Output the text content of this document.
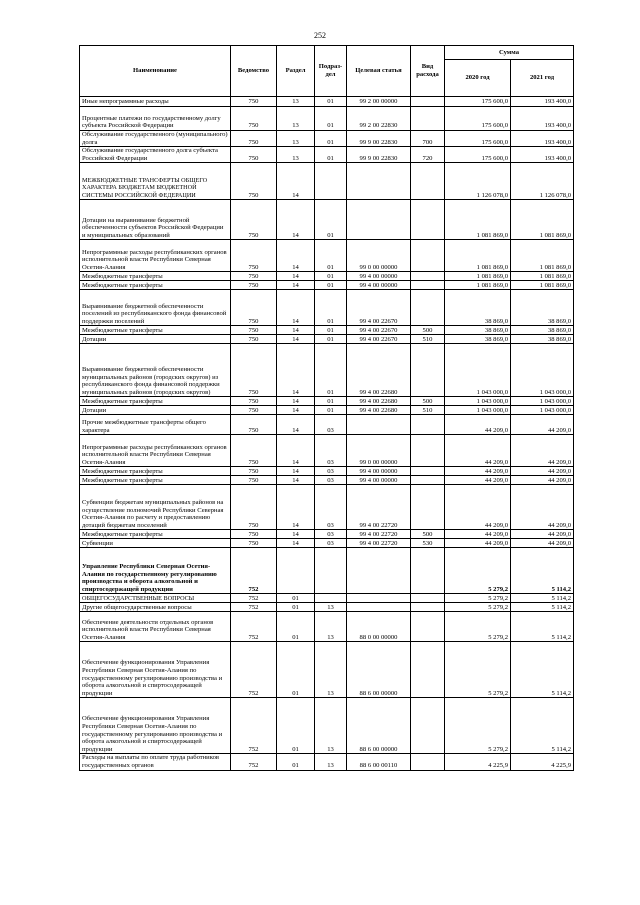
252
Наименование	Ведомство	Раздел	Подраз-дел	Целевая статья	Вид расхода	Сумма	
						2020 год	2021 год
Иные непрограммные расходы	750	13	01	99 2 00 00000		175 600,0	193 400,0
Процентные платежи по государственному долгу субъекта Российской Федерации	750	13	01	99 2 00 22830		175 600,0	193 400,0
Обслуживание государственного (муниципального) долга	750	13	01	99 9 00 22830	700	175 600,0	193 400,0
Обслуживание государственного долга субъекта Российской Федерации	750	13	01	99 9 00 22830	720	175 600,0	193 400,0
МЕЖБЮДЖЕТНЫЕ ТРАНСФЕРТЫ ОБЩЕГО ХАРАКТЕРА БЮДЖЕТАМ БЮДЖЕТНОЙ СИСТЕМЫ РОССИЙСКОЙ ФЕДЕРАЦИИ	750	14				1 126 078,0	1 126 078,0
Дотации на выравнивание бюджетной обеспеченности субъектов Российской Федерации и муниципальных образований	750	14	01			1 081 869,0	1 081 869,0
Непрограммные расходы республиканских органов исполнительной власти Республики Северная Осетия-Алания	750	14	01	99 0 00 00000		1 081 869,0	1 081 869,0
Межбюджетные трансферты	750	14	01	99 4 00 00000		1 081 869,0	1 081 869,0
Межбюджетные трансферты	750	14	01	99 4 00 00000		1 081 869,0	1 081 869,0
Выравнивание бюджетной обеспеченности поселений из республиканского фонда финансовой поддержки поселений	750	14	01	99 4 00 22670		38 869,0	38 869,0
Межбюджетные трансферты	750	14	01	99 4 00 22670	500	38 869,0	38 869,0
Дотации	750	14	01	99 4 00 22670	510	38 869,0	38 869,0
Выравнивание бюджетной обеспеченности муниципальных районов (городских округов) из республиканского фонда финансовой поддержки муниципальных районов (городских округов)	750	14	01	99 4 00 22680		1 043 000,0	1 043 000,0
Межбюджетные трансферты	750	14	01	99 4 00 22680	500	1 043 000,0	1 043 000,0
Дотации	750	14	01	99 4 00 22680	510	1 043 000,0	1 043 000,0
Прочие межбюджетные трансферты общего характера	750	14	03			44 209,0	44 209,0
Непрограммные расходы республиканских органов исполнительной власти Республики Северная Осетия-Алания	750	14	03	99 0 00 00000		44 209,0	44 209,0
Межбюджетные трансферты	750	14	03	99 4 00 00000		44 209,0	44 209,0
Межбюджетные трансферты	750	14	03	99 4 00 00000		44 209,0	44 209,0
Субвенции бюджетам муниципальных районов на осуществление полномочий Республики Северная Осетия-Алания по расчету и предоставлению дотаций бюджетам поселений	750	14	03	99 4 00 22720		44 209,0	44 209,0
Межбюджетные трансферты	750	14	03	99 4 00 22720	500	44 209,0	44 209,0
Субвенции	750	14	03	99 4 00 22720	530	44 209,0	44 209,0
Управление Республики Северная Осетия-Алания по государственному регулированию производства и оборота алкогольной и спиртосодержащей продукции	752					5 279,2	5 114,2
ОБЩЕГОСУДАРСТВЕННЫЕ ВОПРОСЫ	752	01				5 279,2	5 114,2
Другие общегосударственные вопросы	752	01	13			5 279,2	5 114,2
Обеспечение деятельности отдельных органов исполнительной власти Республики Северная Осетия-Алания	752	01	13	88 0 00 00000		5 279,2	5 114,2
Обеспечение функционирования Управления Республики Северная Осетия-Алания по государственному регулированию производства и оборота алкогольной и спиртосодержащей продукции	752	01	13	88 6 00 00000		5 279,2	5 114,2
Обеспечение функционирования Управления Республики Северная Осетия-Алания по государственному регулированию производства и оборота алкогольной и спиртосодержащей продукции	752	01	13	88 6 00 00000		5 279,2	5 114,2
Расходы на выплаты по оплате труда работников государственных органов	752	01	13	88 6 00 00110		4 225,9	4 225,9
